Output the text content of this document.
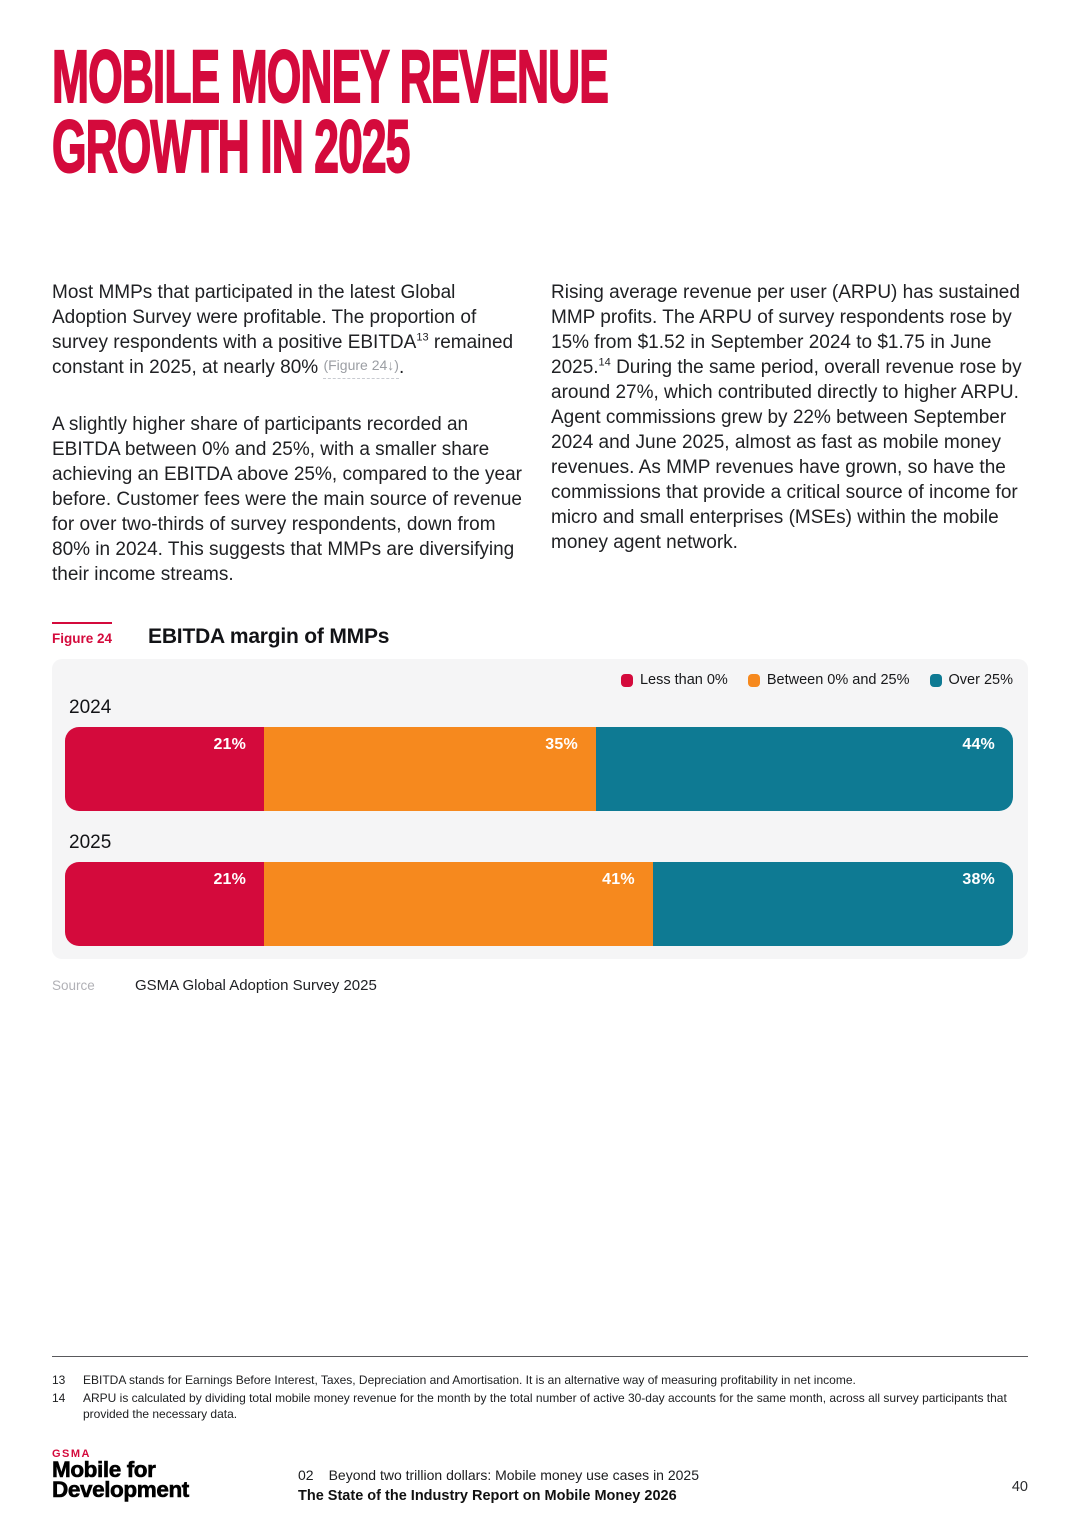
MOBILE MONEY REVENUE
GROWTH IN 2025

Most MMPs that participated in the latest Global Adoption Survey were profitable. The proportion of survey respondents with a positive EBITDA$^{13}$ remained constant in 2025, at nearly 80% (Figure 24↓).

A slightly higher share of participants recorded an EBITDA between 0% and 25%, with a smaller share achieving an EBITDA above 25%, compared to the year before. Customer fees were the main source of revenue for over two-thirds of survey respondents, down from 80% in 2024. This suggests that MMPs are diversifying their income streams.

Rising average revenue per user (ARPU) has sustained MMP profits. The ARPU of survey respondents rose by 15% from $1.52 in September 2024 to $1.75 in June 2025.14 During the same period, overall revenue rose by around 27%, which contributed directly to higher ARPU. Agent commissions grew by 22% between September 2024 and June 2025, almost as fast as mobile money revenues. As MMP revenues have grown, so have the commissions that provide a critical source of income for micro and small enterprises (MSEs) within the mobile money agent network.

Figure 24 EBITDA margin of MMPs
Less than 0%	Between 0% and 25%	Over 25%
2024
21%	35%	44%
2025
21%	41%	38%
Source	GSMA Global Adoption Survey 2025
13	EBITDA stands for Earnings Before Interest, Taxes, Depreciation and Amortisation. It is an alternative way of measuring profitability in net income.
14	ARPU is calculated by dividing total mobile money revenue for the month by the total number of active 30-day accounts for the same month, across all survey participants that provided the necessary data.
GSMA
Mobile for
Development
02 Beyond two trillion dollars: Mobile money use cases in 2025
The State of the Industry Report on Mobile Money 2026
40
